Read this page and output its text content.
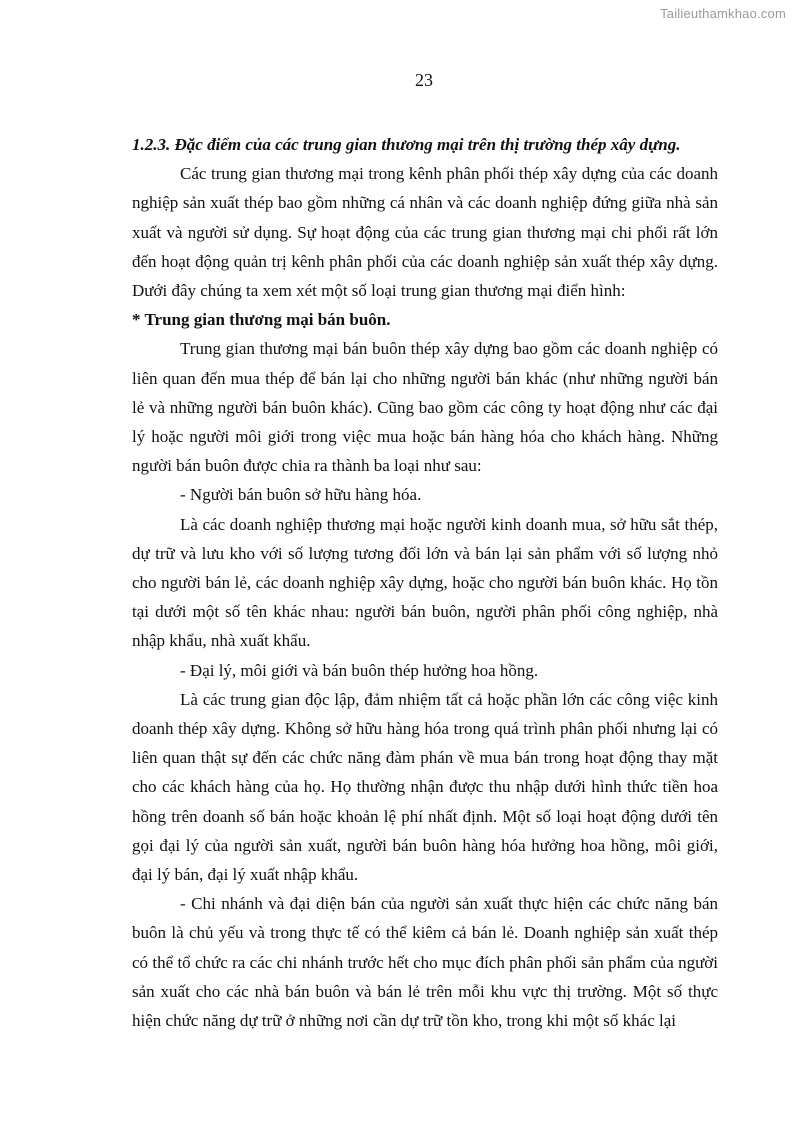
Tailieuthamkhao.com
23

1.2.3. Đặc điểm của các trung gian thương mại trên thị trường thép xây dựng.

Các trung gian thương mại trong kênh phân phối thép xây dựng của các doanh nghiệp sản xuất thép bao gồm những cá nhân và các doanh nghiệp đứng giữa nhà sản xuất và người sử dụng. Sự hoạt động của các trung gian thương mại chi phối rất lớn đến hoạt động quản trị kênh phân phối của các doanh nghiệp sản xuất thép xây dựng. Dưới đây chúng ta xem xét một số loại trung gian thương mại điển hình:

* Trung gian thương mại bán buôn.

Trung gian thương mại bán buôn thép xây dựng bao gồm các doanh nghiệp có liên quan đến mua thép để bán lại cho những người bán khác (như những người bán lẻ và những người bán buôn khác). Cũng bao gồm các công ty hoạt động như các đại lý hoặc người môi giới trong việc mua hoặc bán hàng hóa cho khách hàng. Những người bán buôn được chia ra thành ba loại như sau:

- Người bán buôn sở hữu hàng hóa.

Là các doanh nghiệp thương mại hoặc người kinh doanh mua, sở hữu sắt thép, dự trữ và lưu kho với số lượng tương đối lớn và bán lại sản phẩm với số lượng nhỏ cho người bán lẻ, các doanh nghiệp xây dựng, hoặc cho người bán buôn khác. Họ tồn tại dưới một số tên khác nhau: người bán buôn, người phân phối công nghiệp, nhà nhập khẩu, nhà xuất khẩu.

- Đại lý, môi giới và bán buôn thép hưởng hoa hồng.

Là các trung gian độc lập, đảm nhiệm tất cả hoặc phần lớn các công việc kinh doanh thép xây dựng. Không sở hữu hàng hóa trong quá trình phân phối nhưng lại có liên quan thật sự đến các chức năng đàm phán về mua bán trong hoạt động thay mặt cho các khách hàng của họ. Họ thường nhận được thu nhập dưới hình thức tiền hoa hồng trên doanh số bán hoặc khoản lệ phí nhất định. Một số loại hoạt động dưới tên gọi đại lý của người sản xuất, người bán buôn hàng hóa hưởng hoa hồng, môi giới, đại lý bán, đại lý xuất nhập khẩu.

- Chi nhánh và đại diện bán của người sản xuất thực hiện các chức năng bán buôn là chủ yếu và trong thực tế có thể kiêm cả bán lẻ. Doanh nghiệp sản xuất thép có thể tổ chức ra các chi nhánh trước hết cho mục đích phân phối sản phẩm của người sản xuất cho các nhà bán buôn và bán lẻ trên mỗi khu vực thị trường. Một số thực hiện chức năng dự trữ ở những nơi cần dự trữ tồn kho, trong khi một số khác lại
